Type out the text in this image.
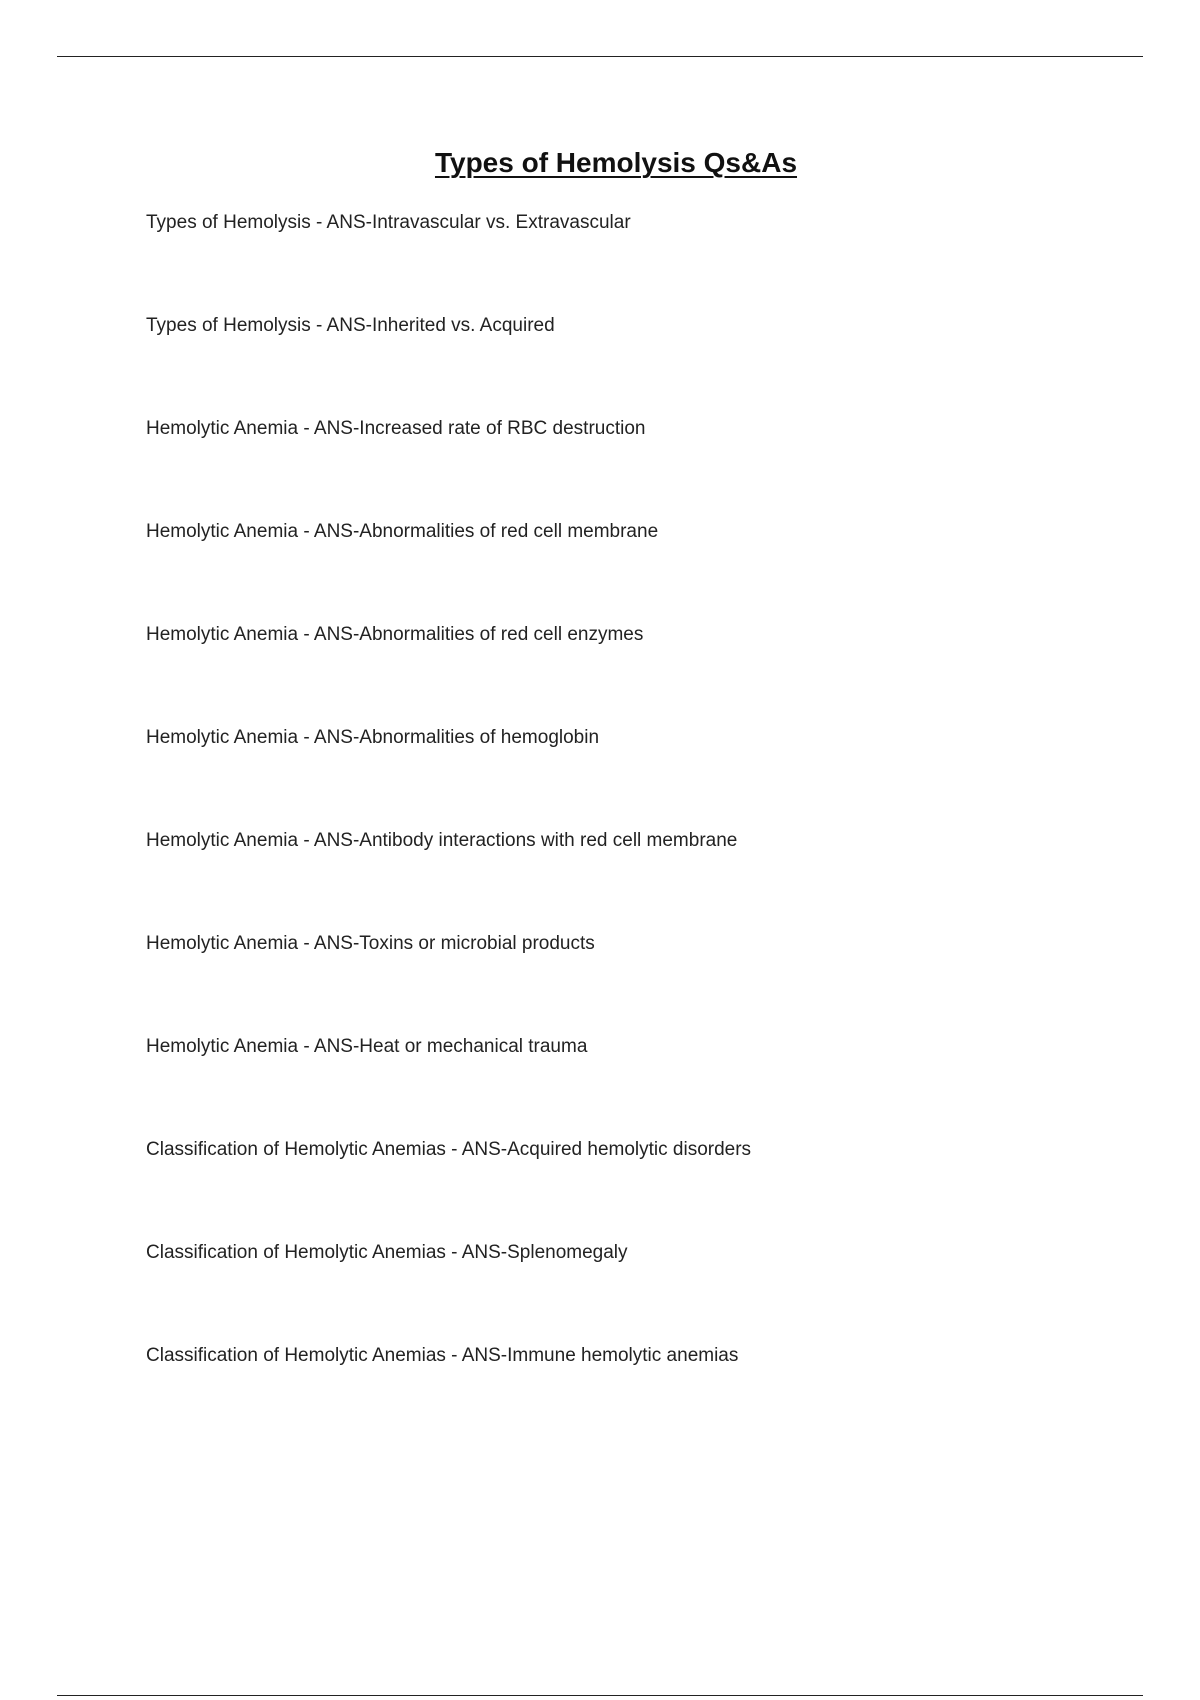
Types of Hemolysis Qs&As
Types of Hemolysis - ANS-Intravascular vs. Extravascular
Types of Hemolysis - ANS-Inherited vs. Acquired
Hemolytic Anemia - ANS-Increased rate of RBC destruction
Hemolytic Anemia - ANS-Abnormalities of red cell membrane
Hemolytic Anemia - ANS-Abnormalities of red cell enzymes
Hemolytic Anemia - ANS-Abnormalities of hemoglobin
Hemolytic Anemia - ANS-Antibody interactions with red cell membrane
Hemolytic Anemia - ANS-Toxins or microbial products
Hemolytic Anemia - ANS-Heat or mechanical trauma
Classification of Hemolytic Anemias - ANS-Acquired hemolytic disorders
Classification of Hemolytic Anemias - ANS-Splenomegaly
Classification of Hemolytic Anemias - ANS-Immune hemolytic anemias
